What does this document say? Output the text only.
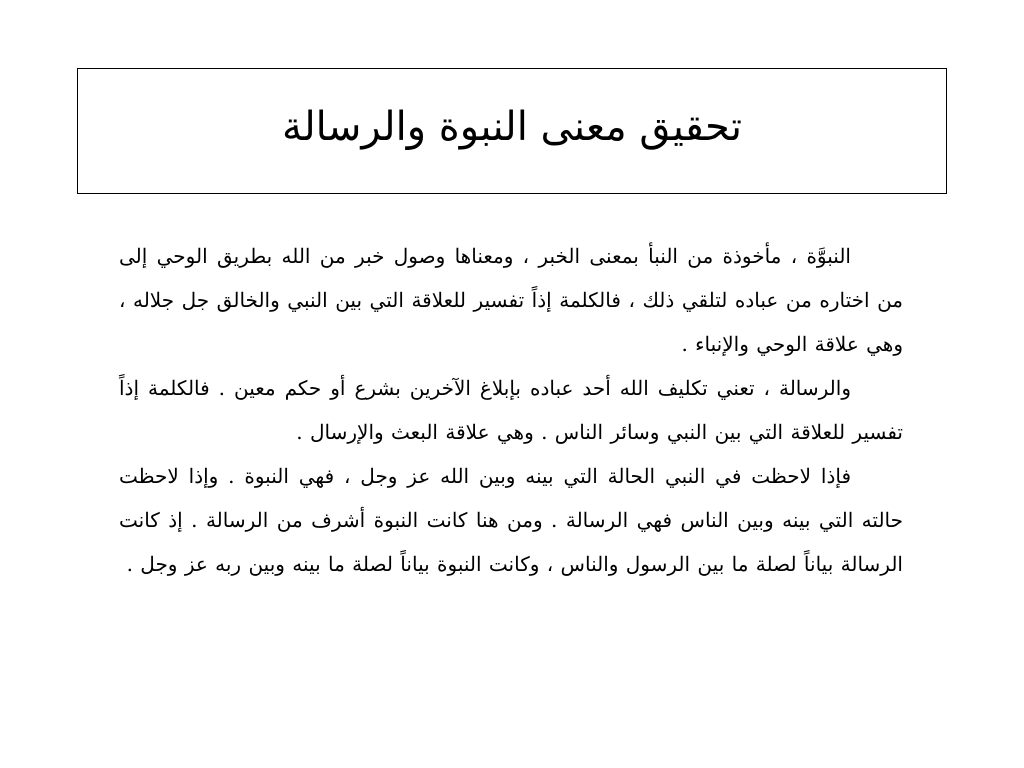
تحقيق معنى النبوة والرسالة

النبوَّة ، مأخوذة من النبأ بمعنى الخبر ، ومعناها وصول خبر من الله بطريق الوحي إلى من اختاره من عباده لتلقي ذلك ، فالكلمة إذاً تفسير للعلاقة التي بين النبي والخالق جل جلاله ، وهي علاقة الوحي والإنباء .

والرسالة ، تعني تكليف الله أحد عباده بإبلاغ الآخرين بشرع أو حكم معين . فالكلمة إذاً تفسير للعلاقة التي بين النبي وسائر الناس . وهي علاقة البعث والإرسال .

فإذا لاحظت في النبي الحالة التي بينه وبين الله عز وجل ، فهي النبوة . وإذا لاحظت حالته التي بينه وبين الناس فهي الرسالة . ومن هنا كانت النبوة أشرف من الرسالة . إذ كانت الرسالة بياناً لصلة ما بين الرسول والناس ، وكانت النبوة بياناً لصلة ما بينه وبين ربه عز وجل .
